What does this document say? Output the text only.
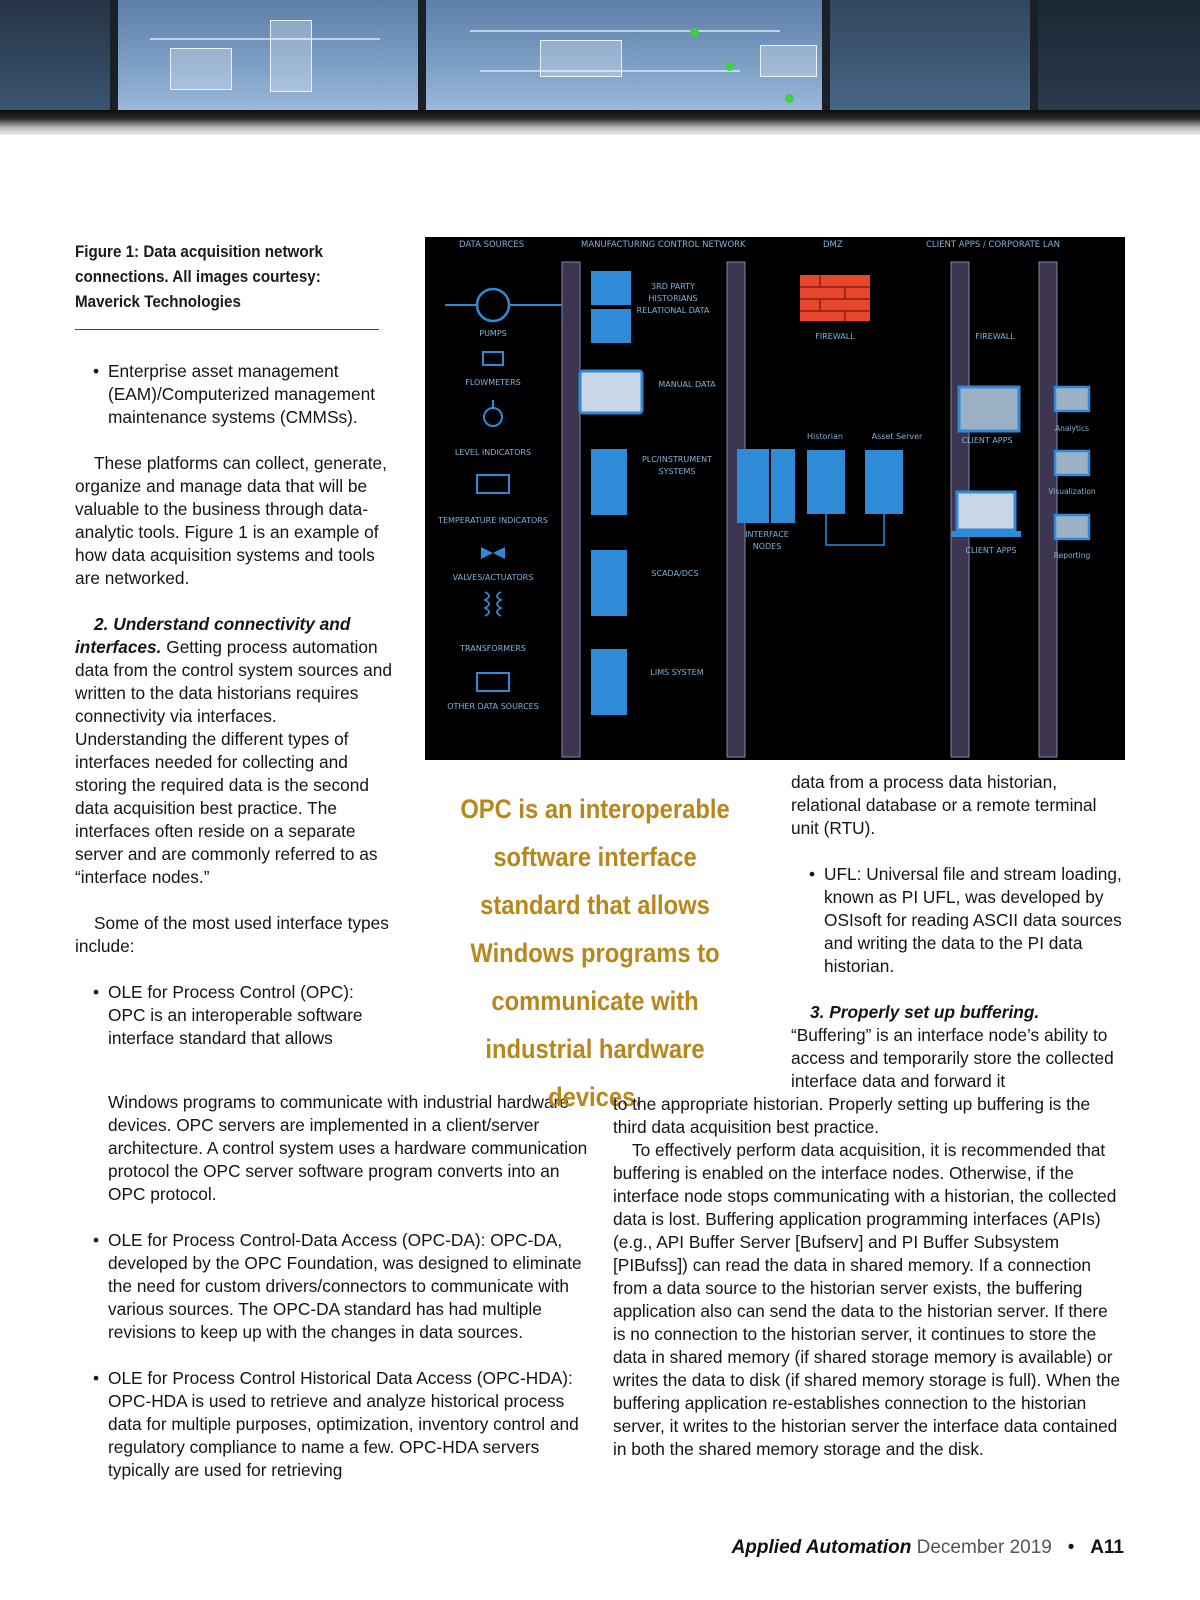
Figure 1: Data acquisition network connections. All images courtesy: Maverick Technologies

• Enterprise asset management (EAM)/Computerized management maintenance systems (CMMSs).

These platforms can collect, generate, organize and manage data that will be valuable to the business through data-analytic tools. Figure 1 is an example of how data acquisition systems and tools are networked.

2. Understand connectivity and interfaces. Getting process automation data from the control system sources and written to the data historians requires connectivity via interfaces. Understanding the different types of interfaces needed for collecting and storing the required data is the second data acquisition best practice. The interfaces often reside on a separate server and are commonly referred to as “interface nodes.”

Some of the most used interface types include:

• OLE for Process Control (OPC): OPC is an interoperable software interface standard that allows

Windows programs to communicate with industrial hardware devices. OPC servers are implemented in a client/server architecture. A control system uses a hardware communication protocol the OPC server software program converts into an OPC protocol.

• OLE for Process Control-Data Access (OPC-DA): OPC-DA, developed by the OPC Foundation, was designed to eliminate the need for custom drivers/connectors to communicate with various sources. The OPC-DA standard has had multiple revisions to keep up with the changes in data sources.

• OLE for Process Control Historical Data Access (OPC-HDA): OPC-HDA is used to retrieve and analyze historical process data for multiple purposes, optimization, inventory control and regulatory compliance to name a few. OPC-HDA servers typically are used for retrieving

DATA SOURCES	MANUFACTURING CONTROL NETWORK	DMZ	CLIENT APPS / CORPORATE LAN
PUMPS
FLOWMETERS
LEVEL INDICATORS
TEMPERATURE INDICATORS
VALVES/ACTUATORS
TRANSFORMERS
OTHER DATA SOURCES
3RD PARTY
HISTORIANS
RELATIONAL DATA
MANUAL DATA
PLC/INSTRUMENT
SYSTEMS
SCADA/DCS
LIMS SYSTEM
INTERFACE
NODES
FIREWALL	FIREWALL
Historian	Asset Server	CLIENT APPS
CLIENT APPS
Analytics
Visualization
Reporting
OPC is an interoperable software interface standard that allows Windows programs to communicate with industrial hardware devices.

data from a process data historian, relational database or a remote terminal unit (RTU).

• UFL: Universal file and stream loading, known as PI UFL, was developed by OSIsoft for reading ASCII data sources and writing the data to the PI data historian.

3. Properly set up buffering.

“Buffering” is an interface node’s ability to access and temporarily store the collected interface data and forward it

to the appropriate historian. Properly setting up buffering is the third data acquisition best practice.

To effectively perform data acquisition, it is recommended that buffering is enabled on the interface nodes. Otherwise, if the interface node stops communicating with a historian, the collected data is lost. Buffering application programming interfaces (APIs) (e.g., API Buffer Server [Bufserv] and PI Buffer Subsystem [PIBufss]) can read the data in shared memory. If a connection from a data source to the historian server exists, the buffering application also can send the data to the historian server. If there is no connection to the historian server, it continues to store the data in shared memory (if shared storage memory is available) or writes the data to disk (if shared memory storage is full). When the buffering application re-establishes connection to the historian server, it writes to the historian server the interface data contained in both the shared memory storage and the disk.

Applied Automation December 2019 • A11
